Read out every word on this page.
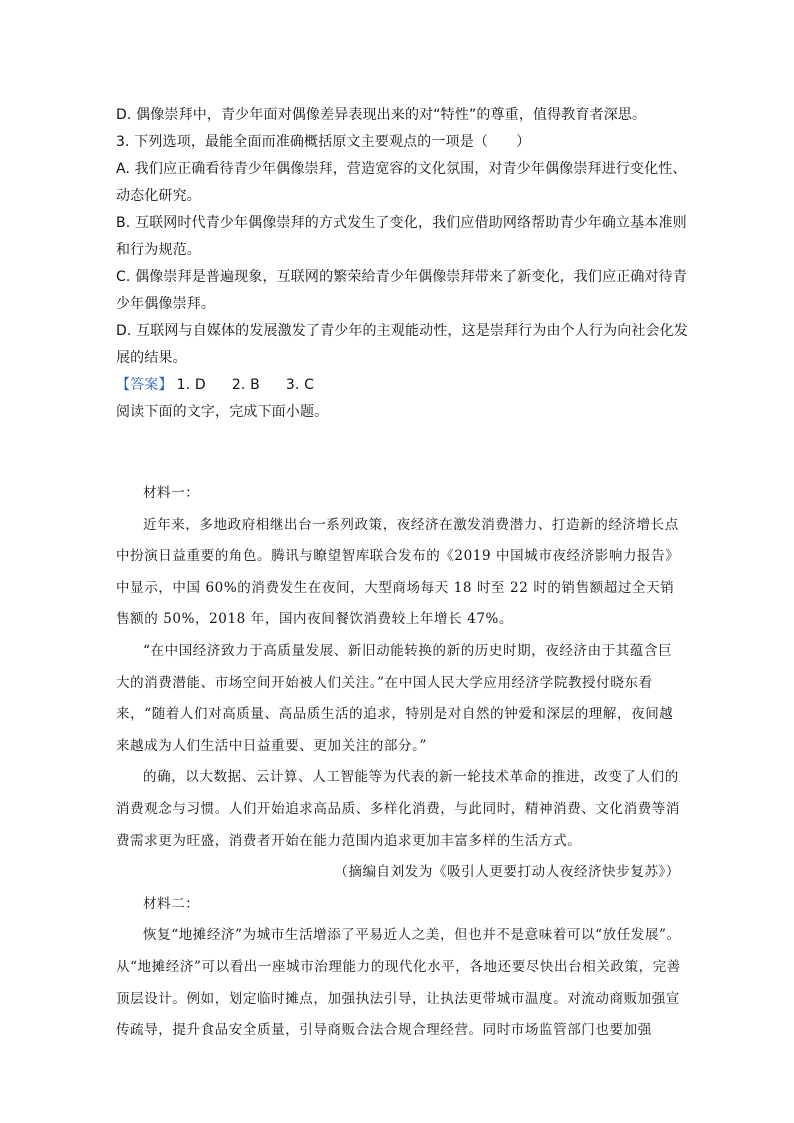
D. 偶像崇拜中，青少年面对偶像差异表现出来的对“特性”的尊重，值得教育者深思。

3. 下列选项，最能全面而准确概括原文主要观点的一项是（　　）

A. 我们应正确看待青少年偶像崇拜，营造宽容的文化氛围，对青少年偶像崇拜进行变化性、动态化研究。

B. 互联网时代青少年偶像崇拜的方式发生了变化，我们应借助网络帮助青少年确立基本准则和行为规范。

C. 偶像崇拜是普遍现象，互联网的繁荣给青少年偶像崇拜带来了新变化，我们应正确对待青少年偶像崇拜。

D. 互联网与自媒体的发展激发了青少年的主观能动性，这是崇拜行为由个人行为向社会化发展的结果。

【答案】 1. D 2. B 3. C

阅读下面的文字，完成下面小题。

材料一：

近年来，多地政府相继出台一系列政策，夜经济在激发消费潜力、打造新的经济增长点中扮演日益重要的角色。腾讯与瞭望智库联合发布的《2019 中国城市夜经济影响力报告》中显示，中国 60%的消费发生在夜间，大型商场每天 18 时至 22 时的销售额超过全天销售额的 50%，2018 年，国内夜间餐饮消费较上年增长 47%。

“在中国经济致力于高质量发展、新旧动能转换的新的历史时期，夜经济由于其蕴含巨大的消费潜能、市场空间开始被人们关注。”在中国人民大学应用经济学院教授付晓东看来，“随着人们对高质量、高品质生活的追求，特别是对自然的钟爱和深层的理解，夜间越来越成为人们生活中日益重要、更加关注的部分。”

的确，以大数据、云计算、人工智能等为代表的新一轮技术革命的推进，改变了人们的消费观念与习惯。人们开始追求高品质、多样化消费，与此同时，精神消费、文化消费等消费需求更为旺盛，消费者开始在能力范围内追求更加丰富多样的生活方式。

（摘编自刘发为《吸引人更要打动人夜经济快步复苏》）

材料二：

恢复“地摊经济”为城市生活增添了平易近人之美，但也并不是意味着可以“放任发展”。从“地摊经济”可以看出一座城市治理能力的现代化水平，各地还要尽快出台相关政策，完善顶层设计。例如，划定临时摊点，加强执法引导，让执法更带城市温度。对流动商贩加强宣传疏导，提升食品安全质量，引导商贩合法合规合理经营。同时市场监管部门也要加强
